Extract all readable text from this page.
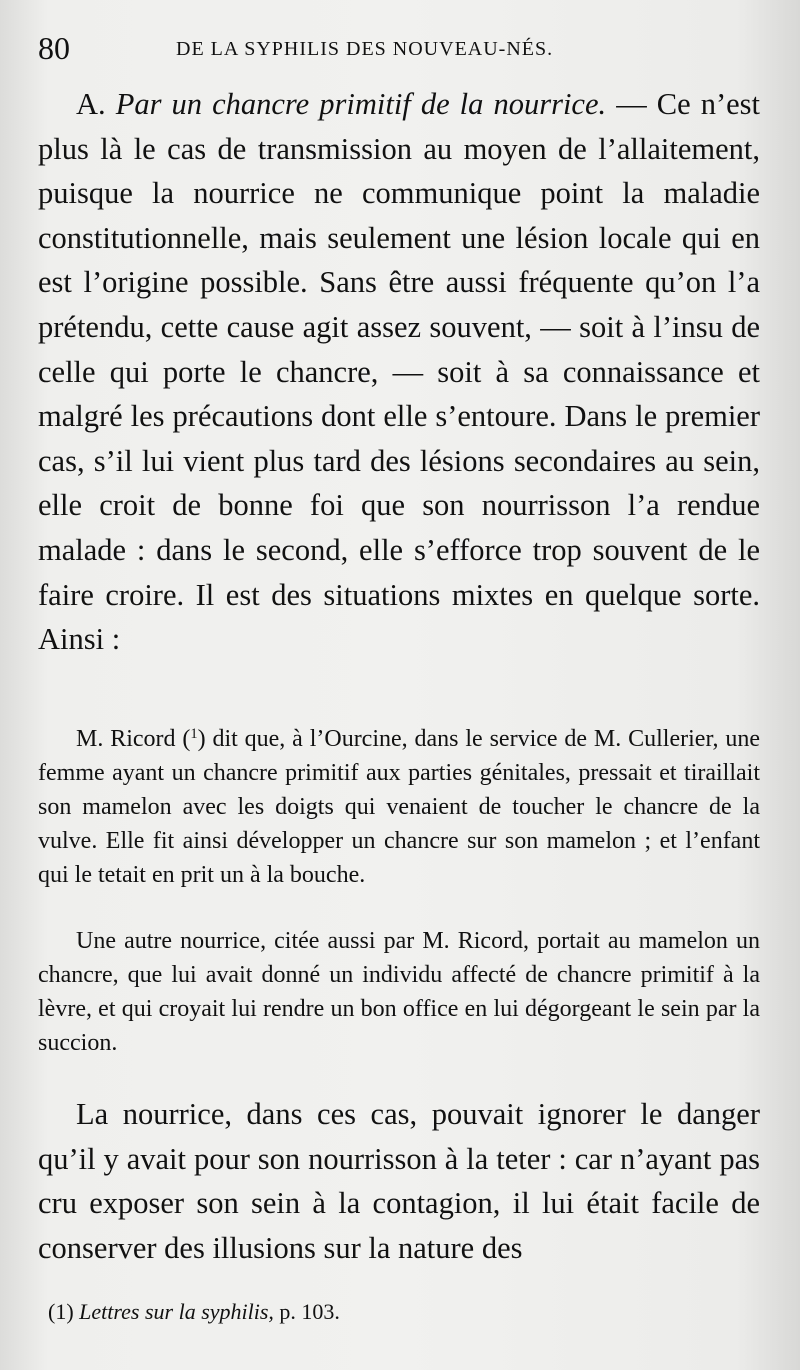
80	DE LA SYPHILIS DES NOUVEAU-NÉS.
A. Par un chancre primitif de la nourrice. — Ce n’est plus là le cas de transmission au moyen de l’allaitement, puisque la nourrice ne communique point la maladie constitutionnelle, mais seulement une lésion locale qui en est l’origine possible. Sans être aussi fréquente qu’on l’a prétendu, cette cause agit assez souvent, — soit à l’insu de celle qui porte le chancre, — soit à sa connaissance et malgré les précautions dont elle s’entoure. Dans le premier cas, s’il lui vient plus tard des lésions secondaires au sein, elle croit de bonne foi que son nourrisson l’a rendue malade : dans le second, elle s’efforce trop souvent de le faire croire. Il est des situations mixtes en quelque sorte. Ainsi :
M. Ricord ($^1$) dit que, à l’Ourcine, dans le service de M. Cullerier, une femme ayant un chancre primitif aux parties génitales, pressait et tiraillait son mamelon avec les doigts qui venaient de toucher le chancre de la vulve. Elle fit ainsi développer un chancre sur son mamelon ; et l’enfant qui le tetait en prit un à la bouche.
Une autre nourrice, citée aussi par M. Ricord, portait au mamelon un chancre, que lui avait donné un individu affecté de chancre primitif à la lèvre, et qui croyait lui rendre un bon office en lui dégorgeant le sein par la succion.
La nourrice, dans ces cas, pouvait ignorer le danger qu’il y avait pour son nourrisson à la teter : car n’ayant pas cru exposer son sein à la contagion, il lui était facile de conserver des illusions sur la nature des
(1) Lettres sur la syphilis, p. 103.
